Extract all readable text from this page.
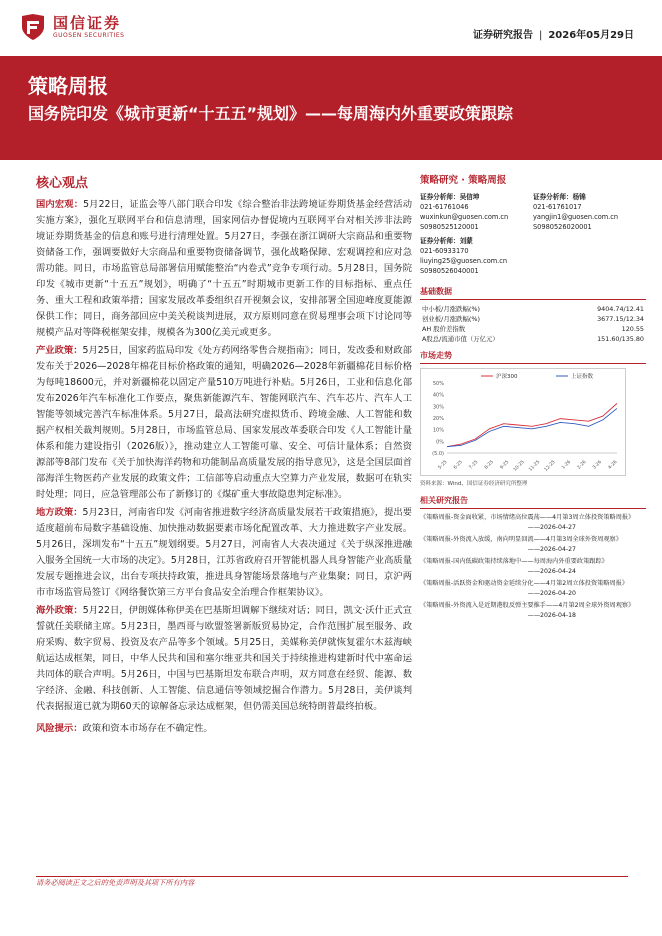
国信证券
GUOSEN SECURITIES	证券研究报告 | 2026年05月29日
策略周报
国务院印发《城市更新“十五五”规划》——每周海内外重要政策跟踪
核心观点

国内宏观：5月22日，证监会等八部门联合印发《综合整治非法跨境证券期货基金经营活动实施方案》，强化互联网平台和信息清理，国家网信办督促境内互联网平台对相关涉非法跨境证券期货基金的信息和账号进行清理处置。5月27日，李强在浙江调研大宗商品和重要物资储备工作，强调要做好大宗商品和重要物资储备调节，强化战略保障、宏观调控和应对急需功能。同日，市场监管总局部署信用赋能整治“内卷式”竞争专项行动。5月28日，国务院印发《城市更新“十五五”规划》，明确了“十五五”时期城市更新工作的目标指标、重点任务、重大工程和政策举措；国家发展改革委组织召开视频会议，安排部署全国迎峰度夏能源保供工作；同日，商务部回应中美关税谈判进展，双方原则同意在贸易理事会项下讨论同等规模产品对等降税框架安排，规模各为300亿美元或更多。

产业政策：5月25日，国家药监局印发《处方药网络零售合规指南》；同日，发改委和财政部发布关于2026—2028年棉花目标价格政策的通知，明确2026—2028年新疆棉花目标价格为每吨18600元，并对新疆棉花以固定产量510万吨进行补贴。5月26日，工业和信息化部发布2026年汽车标准化工作要点，聚焦新能源汽车、智能网联汽车、汽车芯片、汽车人工智能等领域完善汽车标准体系。5月27日，最高法研究虚拟货币、跨境金融、人工智能和数据产权相关裁判规则。5月28日，市场监管总局、国家发展改革委联合印发《人工智能计量体系和能力建设指引（2026版）》，推动建立人工智能可靠、安全、可信计量体系；自然资源部等8部门发布《关于加快海洋药物和功能制品高质量发展的指导意见》，这是全国层面首部海洋生物医药产业发展的政策文件；工信部等启动重点大空算力产业发展，数据可在轨实时处理；同日，应急管理部公布了新修订的《煤矿重大事故隐患判定标准》。

地方政策：5月23日，河南省印发《河南省推进数字经济高质量发展若干政策措施》，提出要适度超前布局数字基础设施、加快推动数据要素市场化配置改革、大力推进数字产业发展。5月26日，深圳发布“十五五”规划纲要。5月27日，河南省人大表决通过《关于纵深推进融入服务全国统一大市场的决定》。5月28日，江苏省政府召开智能机器人具身智能产业高质量发展专题推进会议，出台专项扶持政策，推进具身智能场景落地与产业集聚；同日，京沪两市市场监管局签订《网络餐饮第三方平台食品安全治理合作框架协议》。

海外政策：5月22日，伊朗媒体称伊美在巴基斯坦调解下继续对话；同日，凯文·沃什正式宣誓就任美联储主席。5月23日，墨西哥与欧盟签署新版贸易协定，合作范围扩展至服务、政府采购、数字贸易、投资及农产品等多个领域。5月25日，美媒称美伊就恢复霍尔木兹海峡航运达成框架，同日，中华人民共和国和塞尔维亚共和国关于持续推进构建新时代中塞命运共同体的联合声明。5月26日，中国与巴基斯坦发布联合声明，双方同意在经贸、能源、数字经济、金融、科技创新、人工智能、信息通信等领域挖掘合作潜力。5月28日，美伊谈判代表据报道已就为期60天的谅解备忘录达成框架，但仍需美国总统特朗普最终拍板。

风险提示：政策和资本市场存在不确定性。

策略研究 · 策略周报
证券分析师：吴信坤
021-61761046
wuxinkun@guosen.com.cn
S0980525120001
证券分析师：杨锦
021-61761017
yangjin1@guosen.com.cn
S0980526020001
证券分析师：刘蒙
021-60933170
liuying25@guosen.com.cn
S0980526040001
基础数据
中小板/月涨跌幅(%)	9404.74/12.41
创业板/月涨跌幅(%)	3677.15/12.34
AH 股价差指数	120.55
A股总/流通市值（万亿元）	151.60/135.80
市场走势
50%
40%
30%
20%
10%
0%
(5.0)
5-25 6-25 7-25 8-25 9-25 10-25 11-25 12-25 1-26 2-26 3-26 4-26
沪深300	上证指数
资料来源：Wind、国信证券经济研究所整理
相关研究报告
《策略周报-资金面收紧，市场情绪高位震荡——4月第3周立体投资策略周报》
——2026-04-27
《策略周报-外资流入放缓，南向明显回流——4月第3周全球外资周观察》
——2026-04-27
《策略周报-国内低碳政策持续落地中——每周海内外重要政策跟踪》
——2026-04-24
《策略周报-活跃资金和驱动资金延续分化——4月第2周立体投资策略周报》
——2026-04-20
《策略周报-外资流入是近期港股反弹主要推手——4月第2周全球外资周观察》
——2026-04-18
请务必阅读正文之后的免责声明及其项下所有内容
